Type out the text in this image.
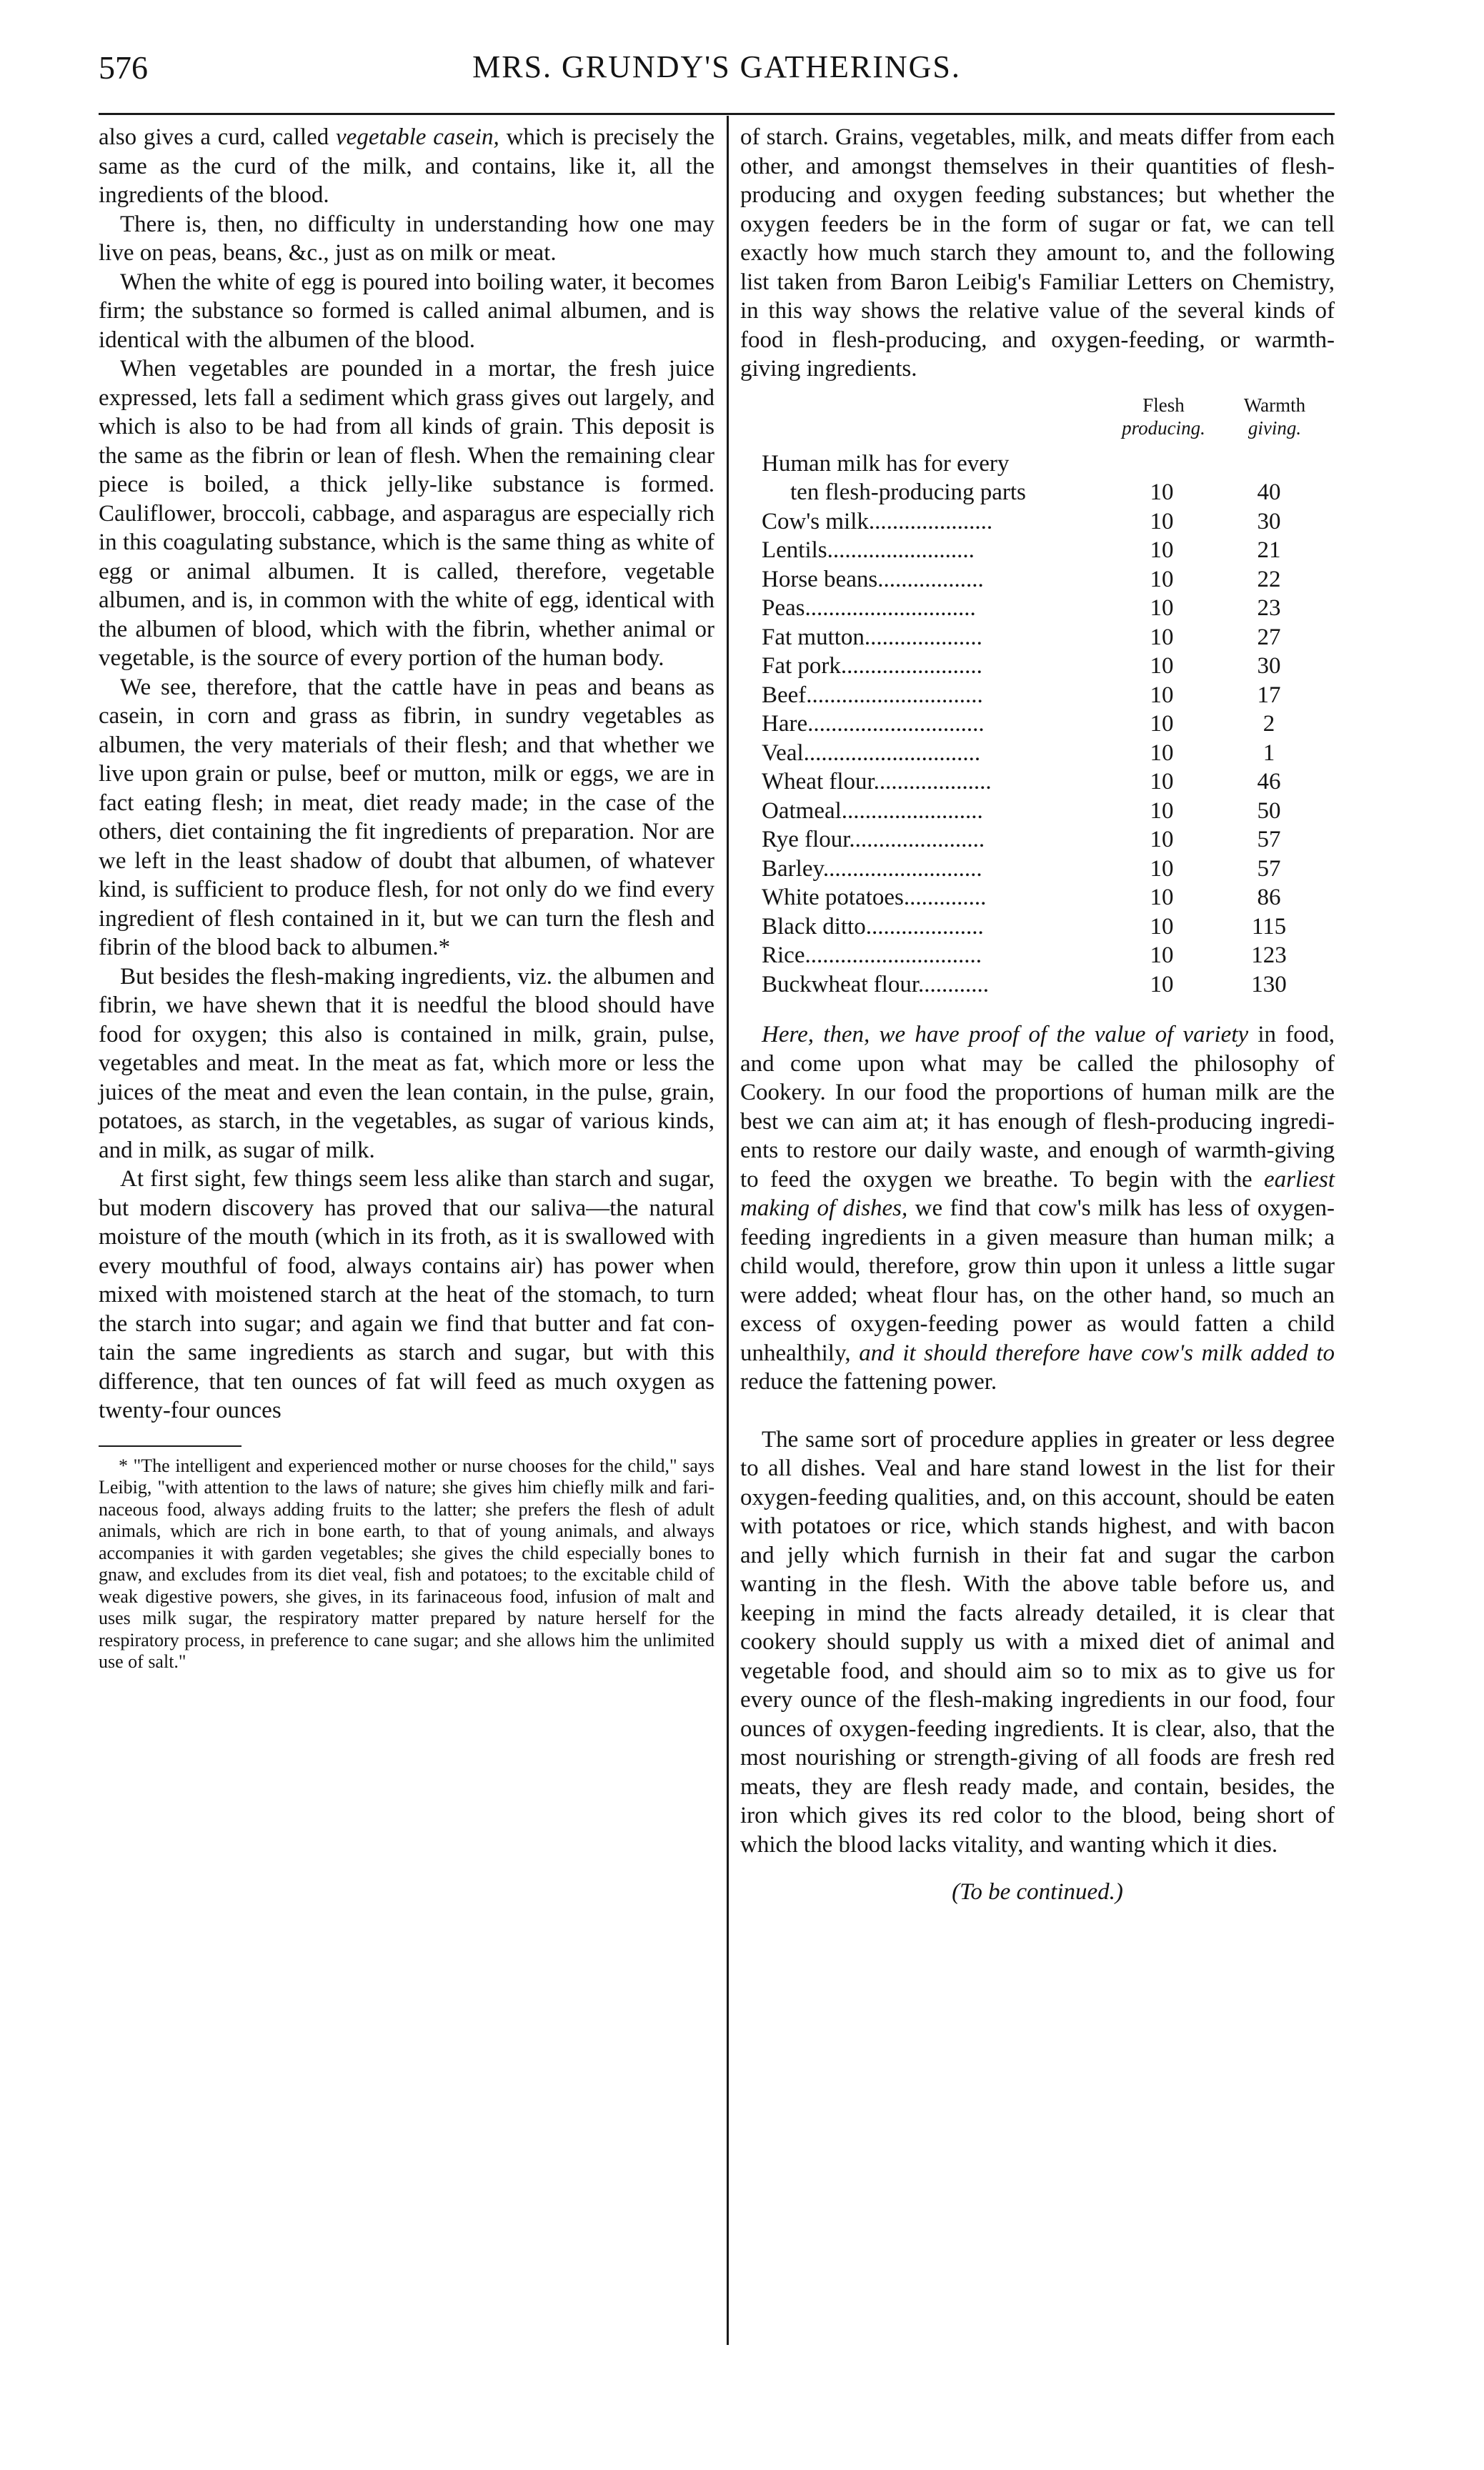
576	MRS. GRUNDY'S GATHERINGS.

also gives a curd, called vegetable casein, which is precisely the same as the curd of the milk, and contains, like it, all the ingredients of the blood.

There is, then, no difficulty in understanding how one may live on peas, beans, &c., just as on milk or meat.

When the white of egg is poured into boiling water, it becomes firm; the substance so formed is called animal albumen, and is identical with the albumen of the blood.

When vegetables are pounded in a mortar, the fresh juice expressed, lets fall a sediment which grass gives out largely, and which is also to be had from all kinds of grain. This deposit is the same as the fibrin or lean of flesh. When the remaining clear piece is boiled, a thick jelly-like substance is formed. Cauliflower, broccoli, cabbage, and asparagus are especially rich in this coagulating substance, which is the same thing as white of egg or animal albumen. It is called, therefore, vegetable albumen, and is, in common with the white of egg, identical with the albumen of blood, which with the fibrin, whether animal or vegetable, is the source of every portion of the human body.

We see, therefore, that the cattle have in peas and beans as casein, in corn and grass as fibrin, in sundry vegetables as albumen, the very materials of their flesh; and that whether we live upon grain or pulse, beef or mutton, milk or eggs, we are in fact eating flesh; in meat, diet ready made; in the case of the others, diet containing the fit ingredients of preparation. Nor are we left in the least shadow of doubt that albumen, of whatever kind, is sufficient to produce flesh, for not only do we find every ingredient of flesh contained in it, but we can turn the flesh and fibrin of the blood back to albumen.*

But besides the flesh-making ingredients, viz. the albumen and fibrin, we have shewn that it is needful the blood should have food for oxygen; this also is contained in milk, grain, pulse, vegetables and meat. In the meat as fat, which more or less the juices of the meat and even the lean contain, in the pulse, grain, potatoes, as starch, in the vegetables, as sugar of various kinds, and in milk, as sugar of milk.

At first sight, few things seem less alike than starch and sugar, but modern discovery has proved that our saliva—the natural moisture of the mouth (which in its froth, as it is swallowed with every mouthful of food, always contains air) has power when mixed with moistened starch at the heat of the stomach, to turn the starch into sugar; and again we find that butter and fat contain the same ingredients as starch and sugar, but with this difference, that ten ounces of fat will feed as much oxygen as twenty-four ounces

* "The intelligent and experienced mother or nurse chooses for the child," says Leibig, "with attention to the laws of nature; she gives him chiefly milk and farinaceous food, always adding fruits to the latter; she prefers the flesh of adult animals, which are rich in bone earth, to that of young animals, and always accompanies it with garden vegetables; she gives the child especially bones to gnaw, and excludes from its diet veal, fish and potatoes; to the excitable child of weak digestive powers, she gives, in its farinaceous food, infusion of malt and uses milk sugar, the respiratory matter prepared by nature herself for the respiratory process, in preference to cane sugar; and she allows him the unlimited use of salt."

of starch. Grains, vegetables, milk, and meats differ from each other, and amongst themselves in their quantities of flesh-producing and oxygen feeding substances; but whether the oxygen feeders be in the form of sugar or fat, we can tell exactly how much starch they amount to, and the following list taken from Baron Leibig's Familiar Letters on Chemistry, in this way shows the relative value of the several kinds of food in flesh-producing, and oxygen-feeding, or warmth-giving ingredients.

Flesh
producing.
Warmth
giving.
Human milk has for every
ten flesh-producing parts	10	40
Cow's milk.....................	10	30
Lentils.........................	10	21
Horse beans..................	10	22
Peas.............................	10	23
Fat mutton....................	10	27
Fat pork........................	10	30
Beef..............................	10	17
Hare..............................	10	2
Veal..............................	10	1
Wheat flour....................	10	46
Oatmeal........................	10	50
Rye flour.......................	10	57
Barley...........................	10	57
White potatoes..............	10	86
Black ditto....................	10	115
Rice..............................	10	123
Buckwheat flour............	10	130

Here, then, we have proof of the value of variety in food, and come upon what may be called the philosophy of Cookery. In our food the proportions of human milk are the best we can aim at; it has enough of flesh-producing ingredients to restore our daily waste, and enough of warmth-giving to feed the oxygen we breathe. To begin with the earliest making of dishes, we find that cow's milk has less of oxygen-feeding ingredients in a given measure than human milk; a child would, therefore, grow thin upon it unless a little sugar were added; wheat flour has, on the other hand, so much an excess of oxygen-feeding power as would fatten a child unhealthily, and it should therefore have cow's milk added to reduce the fattening power.

The same sort of procedure applies in greater or less degree to all dishes. Veal and hare stand lowest in the list for their oxygen-feeding qualities, and, on this account, should be eaten with potatoes or rice, which stands highest, and with bacon and jelly which furnish in their fat and sugar the carbon wanting in the flesh. With the above table before us, and keeping in mind the facts already detailed, it is clear that cookery should supply us with a mixed diet of animal and vegetable food, and should aim so to mix as to give us for every ounce of the flesh-making ingredients in our food, four ounces of oxygen-feeding ingredients. It is clear, also, that the most nourishing or strength-giving of all foods are fresh red meats, they are flesh ready made, and contain, besides, the iron which gives its red color to the blood, being short of which the blood lacks vitality, and wanting which it dies.

(To be continued.)
